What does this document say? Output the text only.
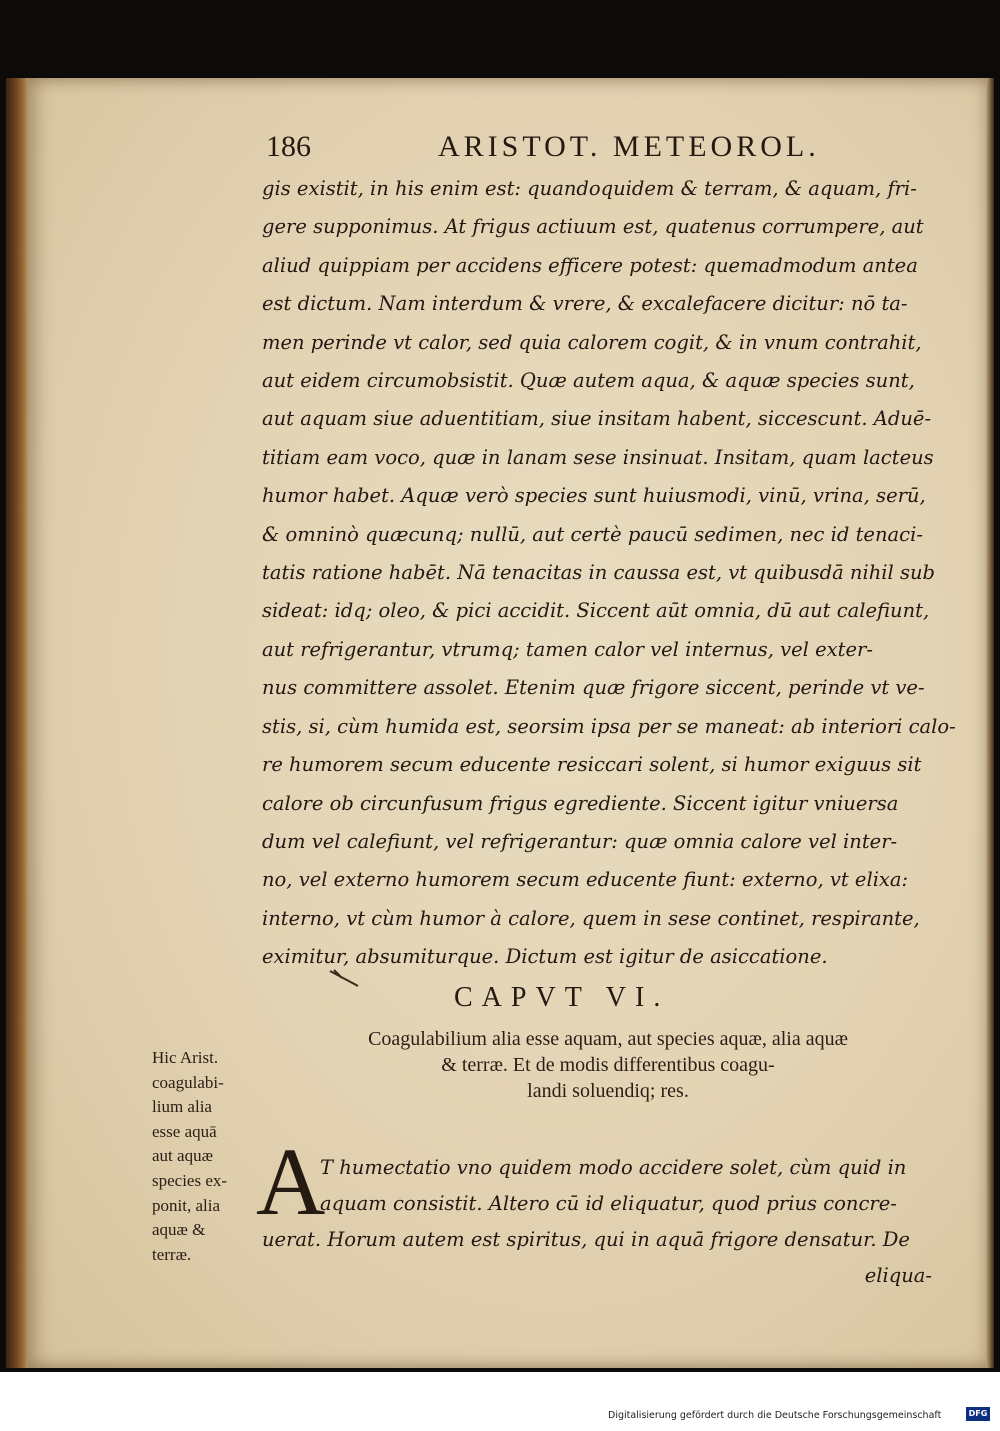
186	ARISTOT. METEOROL.
gis existit, in his enim est: quandoquidem & terram, & aquam, fri-
gere supponimus. At frigus actiuum est, quatenus corrumpere, aut
aliud quippiam per accidens efficere potest: quemadmodum antea
est dictum. Nam interdum & vrere, & excalefacere dicitur: nō ta-
men perinde vt calor, sed quia calorem cogit, & in vnum contrahit,
aut eidem circumobsistit. Quæ autem aqua, & aquæ species sunt,
aut aquam siue aduentitiam, siue insitam habent, siccescunt. Aduē-
titiam eam voco, quæ in lanam sese insinuat. Insitam, quam lacteus
humor habet. Aquæ verò species sunt huiusmodi, vinū, vrina, serū,
& omninò quæcunq; nullū, aut certè paucū sedimen, nec id tenaci-
tatis ratione habēt. Nā tenacitas in caussa est, vt quibusdā nihil sub
sideat: idq; oleo, & pici accidit. Siccent aūt omnia, dū aut calefiunt,
aut refrigerantur, vtrumq; tamen calor vel internus, vel exter-
nus committere assolet. Etenim quæ frigore siccent, perinde vt ve-
stis, si, cùm humida est, seorsim ipsa per se maneat: ab interiori calo-
re humorem secum educente resiccari solent, si humor exiguus sit
calore ob circunfusum frigus egrediente. Siccent igitur vniuersa
dum vel calefiunt, vel refrigerantur: quæ omnia calore vel inter-
no, vel externo humorem secum educente fiunt: externo, vt elixa:
interno, vt cùm humor à calore, quem in sese continet, respirante,
eximitur, absumiturque. Dictum est igitur de asiccatione.
CAPVT VI.
Coagulabilium alia esse aquam, aut species aquæ, alia aquæ
& terræ. Et de modis differentibus coagu-
landi soluendiq; res.
Hic Arist.
coagulabi-
lium alia
esse aquā
aut aquæ
species ex-
ponit, alia
aquæ &
terræ.
A
T humectatio vno quidem modo accidere solet, cùm quid in
aquam consistit. Altero cū id eliquatur, quod prius concre-
uerat. Horum autem est spiritus, qui in aquā frigore densatur. De
eliqua-
Digitalisierung gefördert durch die Deutsche Forschungsgemeinschaft	DFG
